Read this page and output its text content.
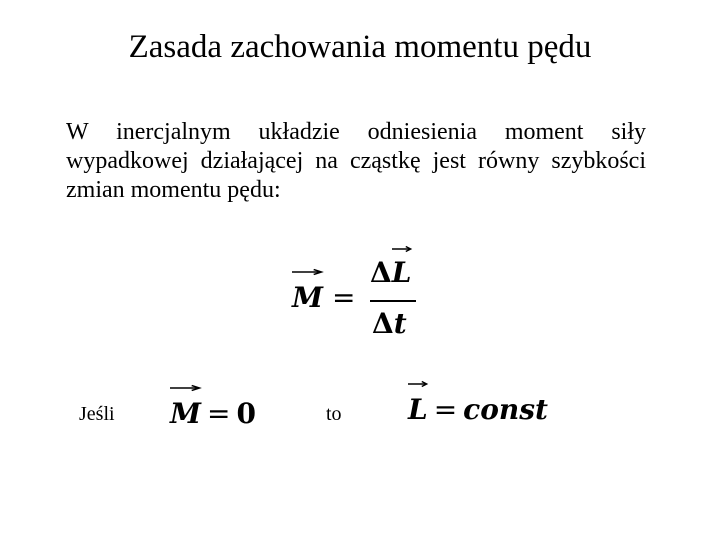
Zasada zachowania momentu pędu
W inercjalnym układzie odniesienia moment siły wypadkowej działającej na cząstkę jest równy szybkości zmian momentu pędu:
M =
Δ
L
Δt
Jeśli M = 0	to L = const
